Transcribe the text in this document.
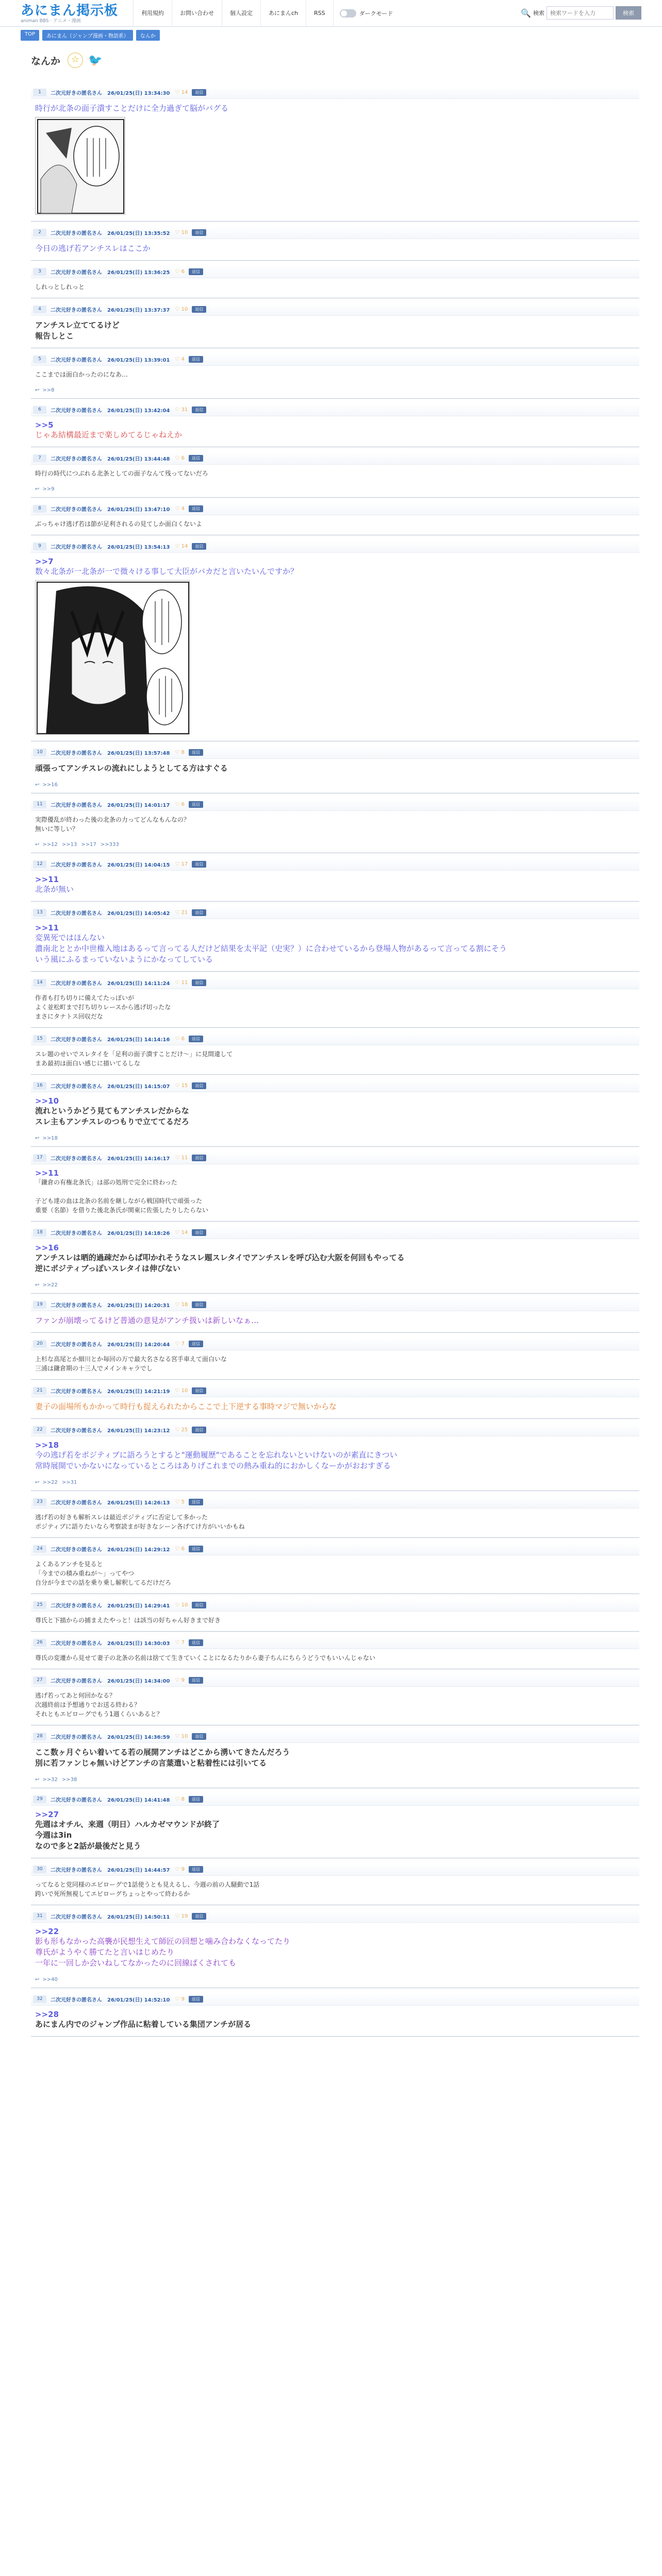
あにまん掲示板
animan BBS · アニメ・漫画
利用規約	お問い合わせ	個人設定	あにまんch	RSS	ダークモード	🔍 検索
検索ワードを入力	検索
TOP	あにまん（ジャンプ漫画・物語系）	なんか
なんか	☆ 🐦
1	二次元好きの匿名さん 26/01/25(日) 13:34:30 ♡ 14	返信
時行が北条の面子潰すことだけに全力過ぎて脳がバグる
2	二次元好きの匿名さん 26/01/25(日) 13:35:52 ♡ 10	返信
今日の逃げ若アンチスレはここか
3	二次元好きの匿名さん 26/01/25(日) 13:36:25 ♡ 6	返信
しれっとしれっと
4	二次元好きの匿名さん 26/01/25(日) 13:37:37 ♡ 10	返信
アンチスレ立ててるけど
報告しとこ
5	二次元好きの匿名さん 26/01/25(日) 13:39:01 ♡ 4	返信
ここまでは面白かったのになあ…
↩ >>8
6	二次元好きの匿名さん 26/01/25(日) 13:42:04 ♡ 31	返信
>>5
じゃあ結構最近まで楽しめてるじゃねえか
7	二次元好きの匿名さん 26/01/25(日) 13:44:48 ♡ 6	返信
時行の時代につぶれる北条としての面子なんて残ってないだろ
↩ >>9
8	二次元好きの匿名さん 26/01/25(日) 13:47:10 ♡ 4	返信
ぶっちゃけ逃げ若は節が足利されるの見てしか面白くないよ
9	二次元好きの匿名さん 26/01/25(日) 13:54:13 ♡ 14	返信
>>7
数々北条が一北条が一で微々ける事して大臣がバカだと言いたいんですか？
10	二次元好きの匿名さん 26/01/25(日) 13:57:48 ♡ 8	返信
頑張ってアンチスレの流れにしようとしてる方はすぐる
↩ >>16
11	二次元好きの匿名さん 26/01/25(日) 14:01:17 ♡ 6	返信
実際優乱が終わった後の北条の力ってどんなもんなの？
無いに等しい？
↩ >>12 >>13 >>17 >>333
12	二次元好きの匿名さん 26/01/25(日) 14:04:15 ♡ 17	返信
>>11
北条が無い
13	二次元好きの匿名さん 26/01/25(日) 14:05:42 ♡ 21	返信
>>11
変異死ではほんない
濃南北ととか中世権入地はあるって言ってる人だけど結果を太平記（史実？）に合わせているから登場人物があるって言ってる割にそう
いう風にふるまっていないようにかなってしている
14	二次元好きの匿名さん 26/01/25(日) 14:11:24 ♡ 11	返信
作者も打ち切りに備えてたっぽいが
よく並松町まで打ち切りレースから逃げ切ったな
まさにタナトス回収だな
15	二次元好きの匿名さん 26/01/25(日) 14:14:16 ♡ 6	返信
スレ題のせいでスレタイを「足利の面子潰すことだけ～」に見間違して
まあ最初は面白い感じに描いてるしな
16	二次元好きの匿名さん 26/01/25(日) 14:15:07 ♡ 15	返信
>>10
流れというかどう見てもアンチスレだからな
スレ主もアンチスレのつもりで立ててるだろ
↩ >>18
17	二次元好きの匿名さん 26/01/25(日) 14:16:17 ♡ 11	返信
>>11
「鎌倉の有権北条氏」は部の処刑で完全に終わった

子ども達の血は北条の名前を継しながら戦国時代で頑張った
重要（名節）を借りた後北条氏が関東に佐張したりしたらない
18	二次元好きの匿名さん 26/01/25(日) 14:18:26 ♡ 14	返信
>>16
アンチスレは晒的過疎だからぱ叩かれそうなスレ題スレタイでアンチスレを呼び込む大阪を何回もやってる
逆にポジティブっぽいスレタイは伸びない
↩ >>22
19	二次元好きの匿名さん 26/01/25(日) 14:20:31 ♡ 18	返信
ファンが崩壊ってるけど普通の意見がアンチ扱いは新しいなぁ…
20	二次元好きの匿名さん 26/01/25(日) 14:20:44 ♡ 7	返信
上杉な高尾とか細川とか毎回の万で最大名さなる宮手車えて面白いな
三浦は鎌倉期の十三人でメインキャラでし
21	二次元好きの匿名さん 26/01/25(日) 14:21:19 ♡ 10	返信
妻子の面場所もかかって時行も捉えられたからここで上下逆する事時マジで無いからな
22	二次元好きの匿名さん 26/01/25(日) 14:23:12 ♡ 25	返信
>>18
今の逃げ若をポジティブに語ろうとすると"運動履歴"であることを忘れないといけないのが素直にきつい
常時展開でいかないになっているところはありげこれまでの熱み重ね的におかしくなーかがおおすぎる
↩ >>22 >>31
23	二次元好きの匿名さん 26/01/25(日) 14:26:13 ♡ 5	返信
逃げ若の好きも解析スレは最近ポジティブに否定して多かった
ポジティブに語りたいなら考察読まが好きなシーン各げてけ方がいいかもね
24	二次元好きの匿名さん 26/01/25(日) 14:29:12 ♡ 6	返信
よくあるアンチを見ると
「今までの積み重ねが～」ってやつ
自分が今までの話を乗り乗し解釈してるだけだろ
25	二次元好きの匿名さん 26/01/25(日) 14:29:41 ♡ 10	返信
尊氏と下描からの捕まえたやっと！は該当の好ちゃん好きまで好き
26	二次元好きの匿名さん 26/01/25(日) 14:30:03 ♡ 7	返信
尊氏の変遷から見せて妻子の北条の名前は捨てて生きていくことになるたりから妻子ちんにちらうどうでもいいんじゃない
27	二次元好きの匿名さん 26/01/25(日) 14:34:00 ♡ 9	返信
逃げ若ってあと何回かなる？
次週終前は予想通りでお送る終わる？
それともエピローグでもう1週くらいあると？
28	二次元好きの匿名さん 26/01/25(日) 14:36:59 ♡ 10	返信
ここ数ヶ月ぐらい着いてる若の展開アンチはどこから湧いてきたんだろう
別に若ファンじゃ無いけどアンチの言葉遣いと粘着性には引いてる
↩ >>32 >>38
29	二次元好きの匿名さん 26/01/25(日) 14:41:48 ♡ 8	返信
>>27
先週はオチル、来週（明日）ハルカゼマウンドが終了
今週は3in
なので多と2話が最後だと見う
30	二次元好きの匿名さん 26/01/25(日) 14:44:57 ♡ 9	返信
ってなると党同様のエピローグで1話使うとも見えるし、今週の前の人騒動で1話
跨いで死所無視してエピローグちょっとやって終わるか
31	二次元好きの匿名さん 26/01/25(日) 14:50:11 ♡ 19	返信
>>22
影も形もなかった高襲が民想生えて師匠の回想と噛み合わなくなってたり
尊氏がようやく勝てたと言いはじめたり
一年に一回しか会いねしてなかったのに回線ばくされても
↩ >>40
32	二次元好きの匿名さん 26/01/25(日) 14:52:10 ♡ 9	返信
>>28
あにまん内でのジャンプ作品に粘着している集団アンチが居る
